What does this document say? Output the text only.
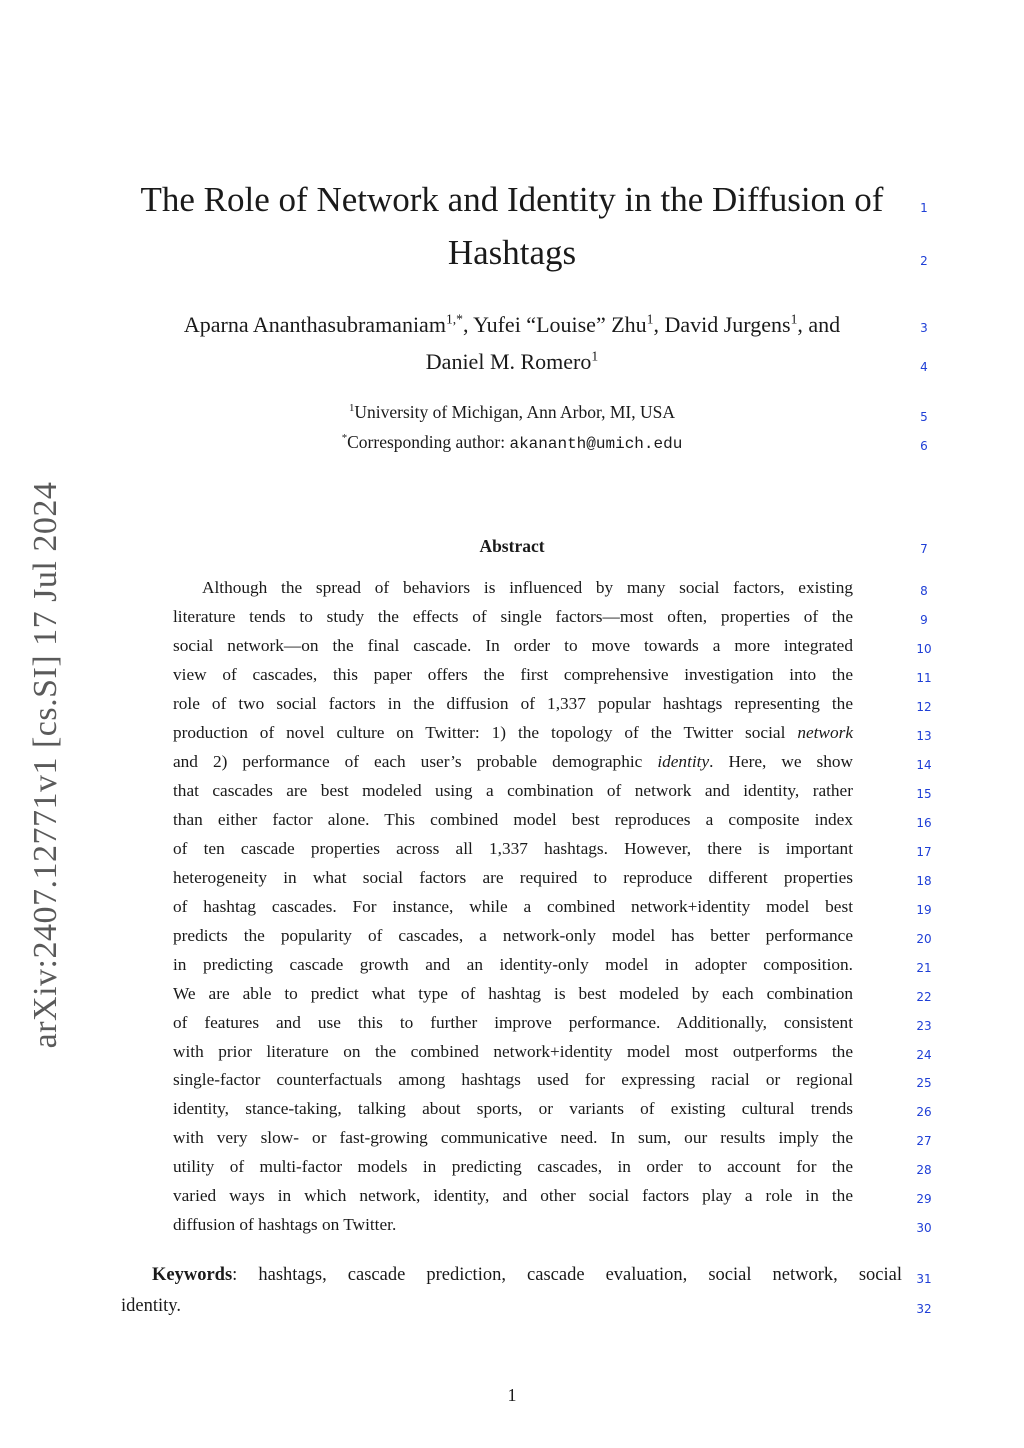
arXiv:2407.12771v1 [cs.SI] 17 Jul 2024
The Role of Network and Identity in the Diffusion of
Hashtags
Aparna Ananthasubramaniam$^{1,*}$, Yufei “Louise” Zhu$^1$, David Jurgens$^1$, and
Daniel M. Romero$^1$
$^1$University of Michigan, Ann Arbor, MI, USA
*Corresponding author: akananth@umich.edu
Abstract
Although the spread of behaviors is influenced by many social factors, existing
literature tends to study the effects of single factors—most often, properties of the
social network—on the final cascade. In order to move towards a more integrated
view of cascades, this paper offers the first comprehensive investigation into the
role of two social factors in the diffusion of 1,337 popular hashtags representing the
production of novel culture on Twitter: 1) the topology of the Twitter social network
and 2) performance of each user’s probable demographic identity. Here, we show
that cascades are best modeled using a combination of network and identity, rather
than either factor alone. This combined model best reproduces a composite index
of ten cascade properties across all 1,337 hashtags. However, there is important
heterogeneity in what social factors are required to reproduce different properties
of hashtag cascades. For instance, while a combined network+identity model best
predicts the popularity of cascades, a network-only model has better performance
in predicting cascade growth and an identity-only model in adopter composition.
We are able to predict what type of hashtag is best modeled by each combination
of features and use this to further improve performance. Additionally, consistent
with prior literature on the combined network+identity model most outperforms the
single-factor counterfactuals among hashtags used for expressing racial or regional
identity, stance-taking, talking about sports, or variants of existing cultural trends
with very slow- or fast-growing communicative need. In sum, our results imply the
utility of multi-factor models in predicting cascades, in order to account for the
varied ways in which network, identity, and other social factors play a role in the
diffusion of hashtags on Twitter.
Keywords: hashtags, cascade prediction, cascade evaluation, social network, social
identity.
1
2
3
4
5
6
7
8
9
10
11
12
13
14
15
16
17
18
19
20
21
22
23
24
25
26
27
28
29
30
31
32
1
